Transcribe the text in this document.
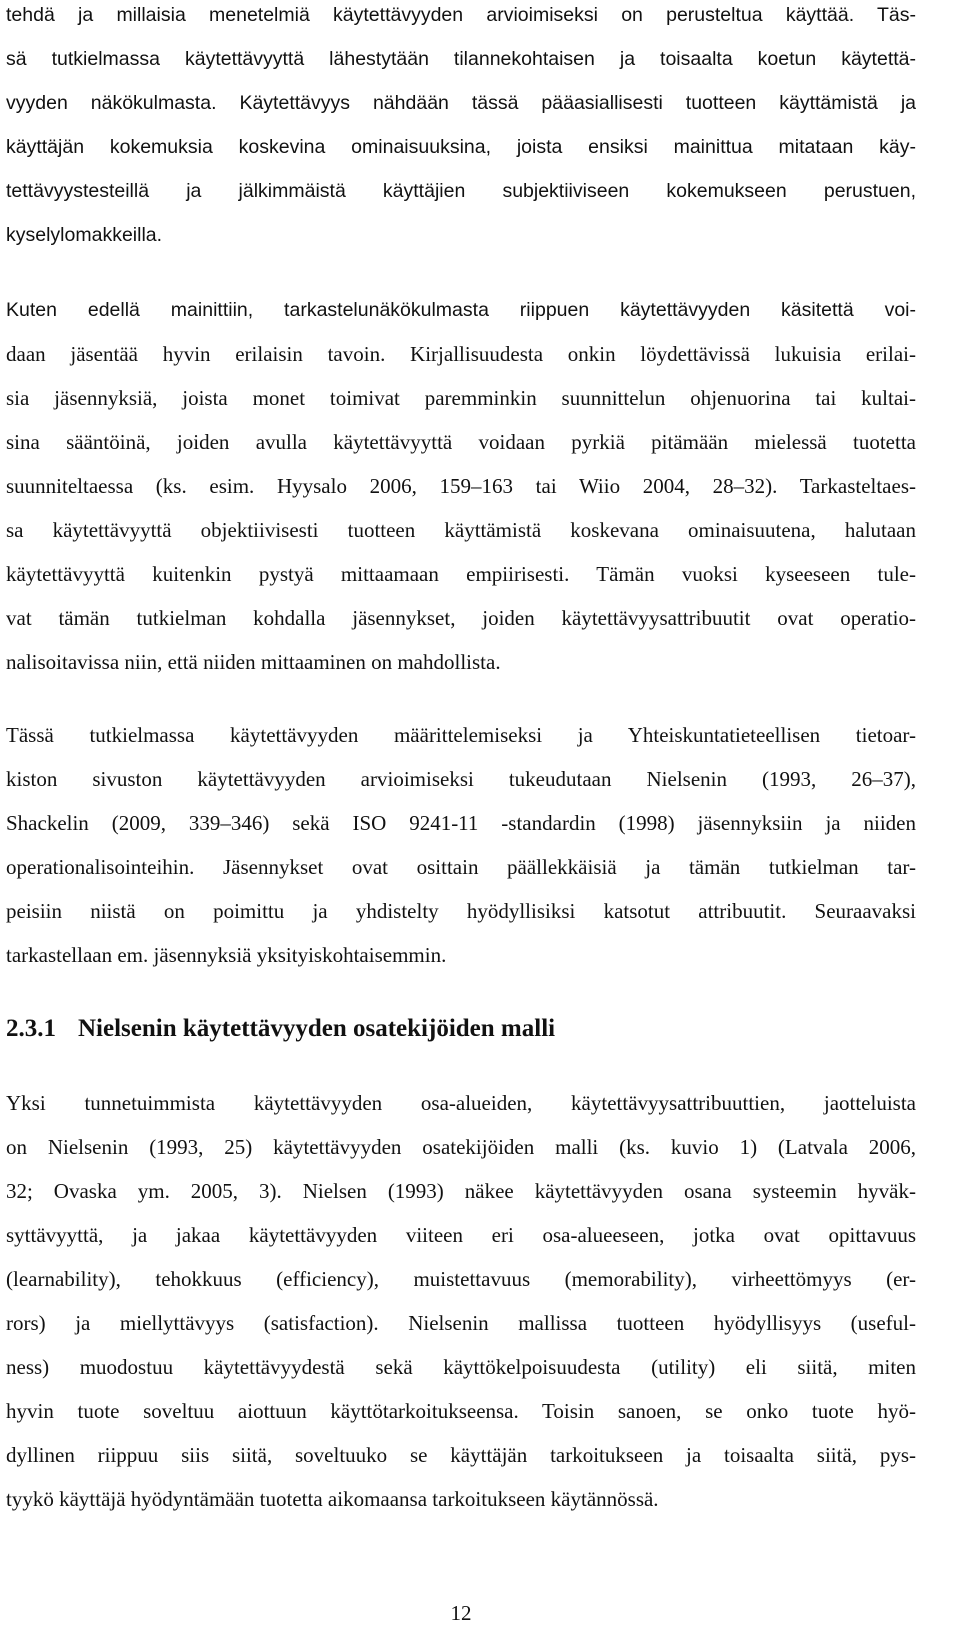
tehdä ja millaisia menetelmiä käytettävyyden arvioimiseksi on perusteltua käyttää. Täs-
sä tutkielmassa käytettävyyttä lähestytään tilannekohtaisen ja toisaalta koetun käytettä-
vyyden näkökulmasta. Käytettävyys nähdään tässä pääasiallisesti tuotteen käyttämistä ja
käyttäjän kokemuksia koskevina ominaisuuksina, joista ensiksi mainittua mitataan käy-
tettävyystesteillä ja jälkimmäistä käyttäjien subjektiiviseen kokemukseen perustuen,
kyselylomakkeilla.
Kuten edellä mainittiin, tarkastelunäkökulmasta riippuen käytettävyyden käsitettä voi-
daan jäsentää hyvin erilaisin tavoin. Kirjallisuudesta onkin löydettävissä lukuisia erilai-
sia jäsennyksiä, joista monet toimivat paremminkin suunnittelun ohjenuorina tai kultai-
sina sääntöinä, joiden avulla käytettävyyttä voidaan pyrkiä pitämään mielessä tuotetta
suunniteltaessa (ks. esim. Hyysalo 2006, 159–163 tai Wiio 2004, 28–32). Tarkasteltaes-
sa käytettävyyttä objektiivisesti tuotteen käyttämistä koskevana ominaisuutena, halutaan
käytettävyyttä kuitenkin pystyä mittaamaan empiirisesti. Tämän vuoksi kyseeseen tule-
vat tämän tutkielman kohdalla jäsennykset, joiden käytettävyysattribuutit ovat operatio-
nalisoitavissa niin, että niiden mittaaminen on mahdollista.
Tässä tutkielmassa käytettävyyden määrittelemiseksi ja Yhteiskuntatieteellisen tietoar-
kiston sivuston käytettävyyden arvioimiseksi tukeudutaan Nielsenin (1993, 26–37),
Shackelin (2009, 339–346) sekä ISO 9241-11 -standardin (1998) jäsennyksiin ja niiden
operationalisointeihin. Jäsennykset ovat osittain päällekkäisiä ja tämän tutkielman tar-
peisiin niistä on poimittu ja yhdistelty hyödyllisiksi katsotut attribuutit. Seuraavaksi
tarkastellaan em. jäsennyksiä yksityiskohtaisemmin.
2.3.1 Nielsenin käytettävyyden osatekijöiden malli
Yksi tunnetuimmista käytettävyyden osa-alueiden, käytettävyysattribuuttien, jaotteluista
on Nielsenin (1993, 25) käytettävyyden osatekijöiden malli (ks. kuvio 1) (Latvala 2006,
32; Ovaska ym. 2005, 3). Nielsen (1993) näkee käytettävyyden osana systeemin hyväk-
syttävyyttä, ja jakaa käytettävyyden viiteen eri osa-alueeseen, jotka ovat opittavuus
(learnability), tehokkuus (efficiency), muistettavuus (memorability), virheettömyys (er-
rors) ja miellyttävyys (satisfaction). Nielsenin mallissa tuotteen hyödyllisyys (useful-
ness) muodostuu käytettävyydestä sekä käyttökelpoisuudesta (utility) eli siitä, miten
hyvin tuote soveltuu aiottuun käyttötarkoitukseensa. Toisin sanoen, se onko tuote hyö-
dyllinen riippuu siis siitä, soveltuuko se käyttäjän tarkoitukseen ja toisaalta siitä, pys-
tyykö käyttäjä hyödyntämään tuotetta aikomaansa tarkoitukseen käytännössä.
12
